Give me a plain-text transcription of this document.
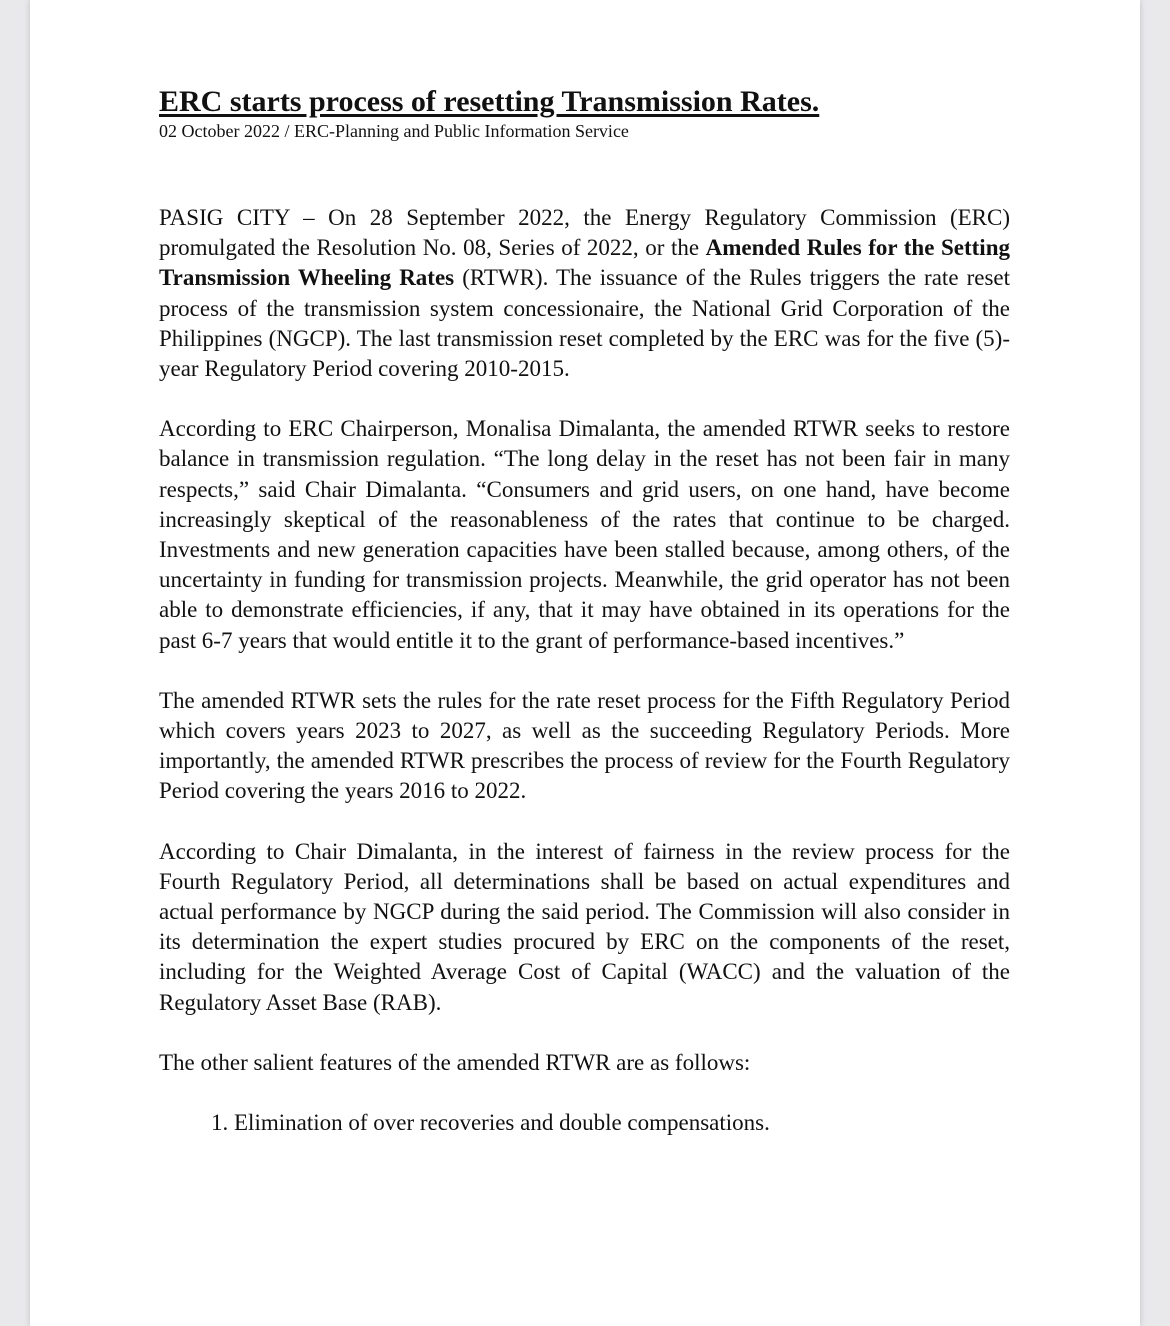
ERC starts process of resetting Transmission Rates.

02 October 2022 / ERC-Planning and Public Information Service

PASIG CITY – On 28 September 2022, the Energy Regulatory Commission (ERC) promulgated the Resolution No. 08, Series of 2022, or the Amended Rules for the Setting Transmission Wheeling Rates (RTWR). The issuance of the Rules triggers the rate reset process of the transmission system concessionaire, the National Grid Corporation of the Philippines (NGCP). The last transmission reset completed by the ERC was for the five (5)-year Regulatory Period covering 2010-2015.

According to ERC Chairperson, Monalisa Dimalanta, the amended RTWR seeks to restore balance in transmission regulation. “The long delay in the reset has not been fair in many respects,” said Chair Dimalanta. “Consumers and grid users, on one hand, have become increasingly skeptical of the reasonableness of the rates that continue to be charged. Investments and new generation capacities have been stalled because, among others, of the uncertainty in funding for transmission projects. Meanwhile, the grid operator has not been able to demonstrate efficiencies, if any, that it may have obtained in its operations for the past 6-7 years that would entitle it to the grant of performance-based incentives.”

The amended RTWR sets the rules for the rate reset process for the Fifth Regulatory Period which covers years 2023 to 2027, as well as the succeeding Regulatory Periods. More importantly, the amended RTWR prescribes the process of review for the Fourth Regulatory Period covering the years 2016 to 2022.

According to Chair Dimalanta, in the interest of fairness in the review process for the Fourth Regulatory Period, all determinations shall be based on actual expenditures and actual performance by NGCP during the said period. The Commission will also consider in its determination the expert studies procured by ERC on the components of the reset, including for the Weighted Average Cost of Capital (WACC) and the valuation of the Regulatory Asset Base (RAB).

The other salient features of the amended RTWR are as follows:

1. Elimination of over recoveries and double compensations.
